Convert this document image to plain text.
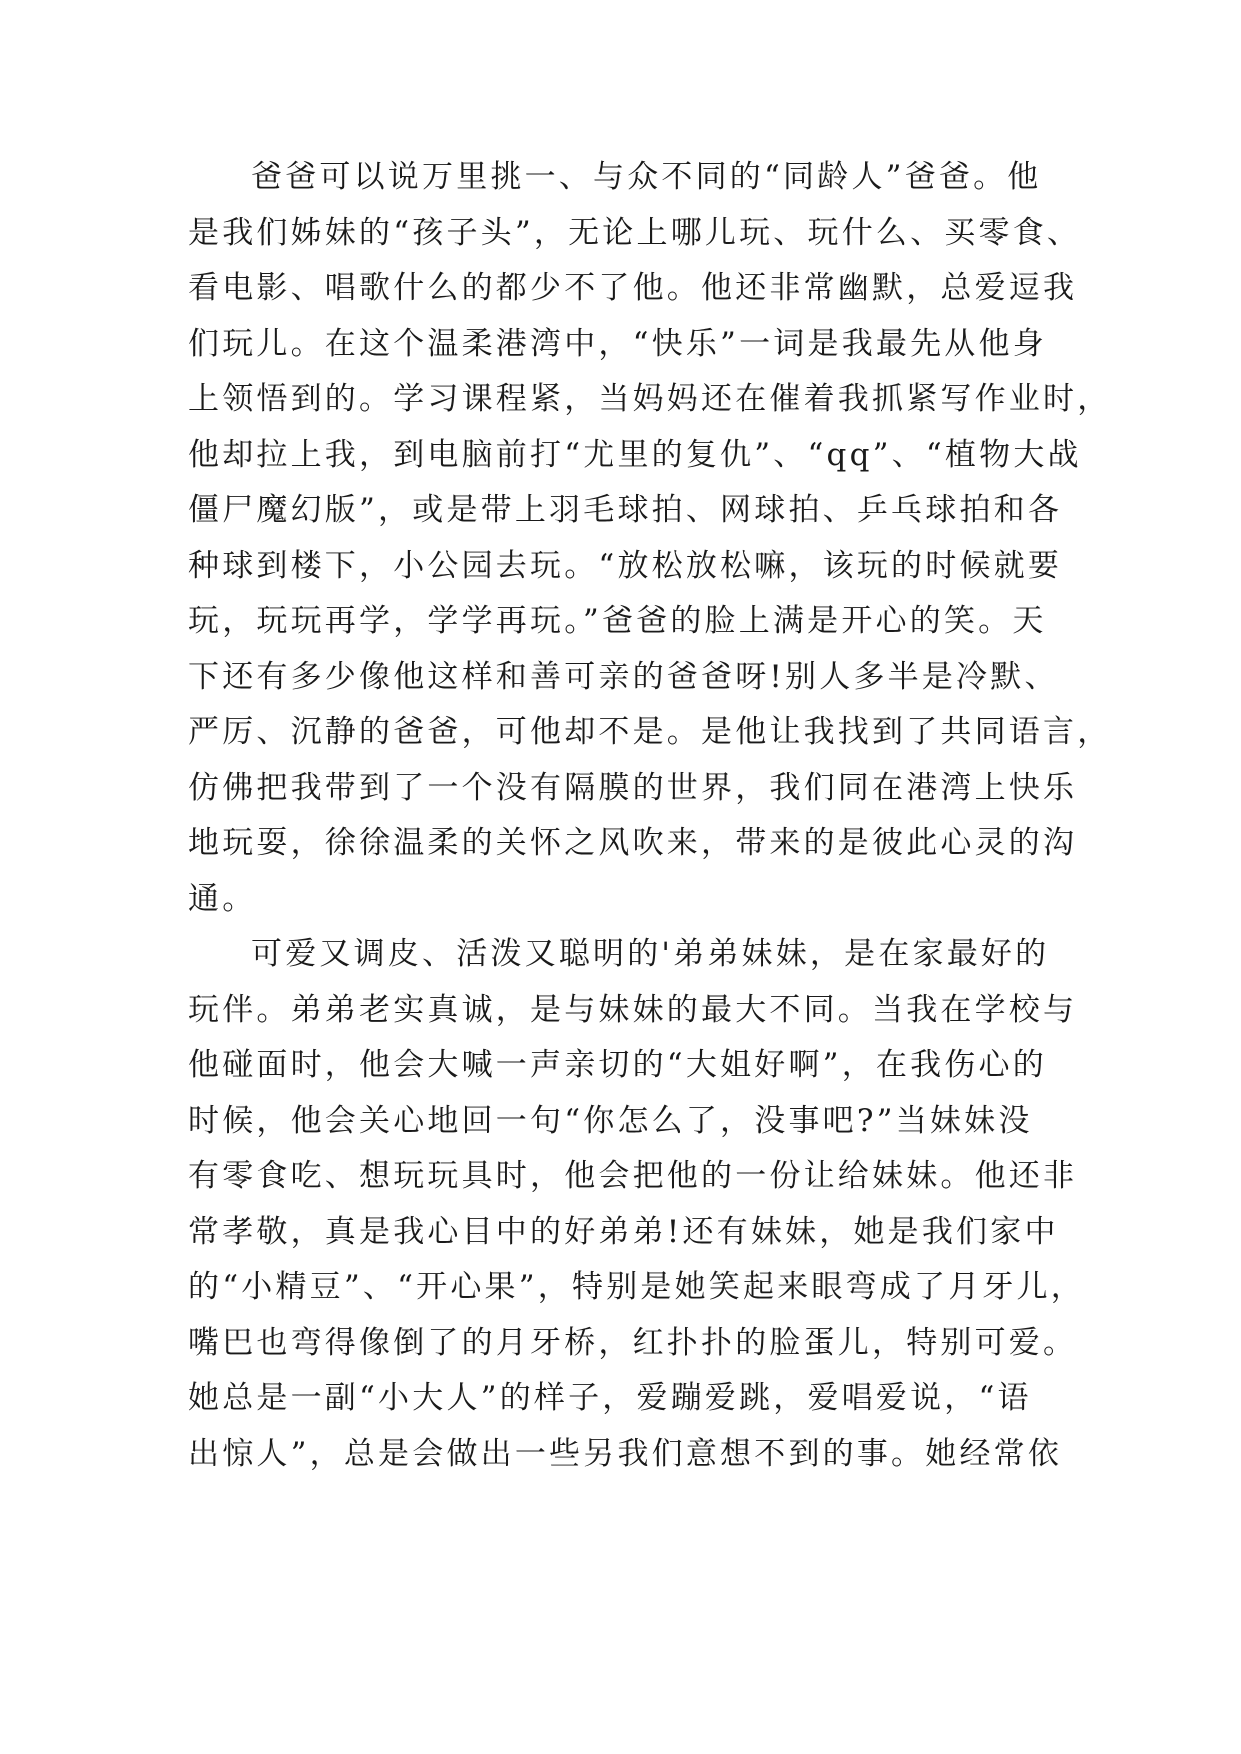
爸爸可以说万里挑一、与众不同的“同龄人”爸爸。他
是我们姊妹的“孩子头”，无论上哪儿玩、玩什么、买零食、
看电影、唱歌什么的都少不了他。他还非常幽默，总爱逗我
们玩儿。在这个温柔港湾中，“快乐”一词是我最先从他身
上领悟到的。学习课程紧，当妈妈还在催着我抓紧写作业时，
他却拉上我，到电脑前打“尤里的复仇”、“qq”、“植物大战
僵尸魔幻版”，或是带上羽毛球拍、网球拍、乒乓球拍和各
种球到楼下，小公园去玩。“放松放松嘛，该玩的时候就要
玩，玩玩再学，学学再玩。”爸爸的脸上满是开心的笑。天
下还有多少像他这样和善可亲的爸爸呀!别人多半是冷默、
严厉、沉静的爸爸，可他却不是。是他让我找到了共同语言，
仿佛把我带到了一个没有隔膜的世界，我们同在港湾上快乐
地玩耍，徐徐温柔的关怀之风吹来，带来的是彼此心灵的沟
通。
可爱又调皮、活泼又聪明的'弟弟妹妹，是在家最好的
玩伴。弟弟老实真诚，是与妹妹的最大不同。当我在学校与
他碰面时，他会大喊一声亲切的“大姐好啊”，在我伤心的
时候，他会关心地回一句“你怎么了，没事吧?”当妹妹没
有零食吃、想玩玩具时，他会把他的一份让给妹妹。他还非
常孝敬，真是我心目中的好弟弟!还有妹妹，她是我们家中
的“小精豆”、“开心果”，特别是她笑起来眼弯成了月牙儿，
嘴巴也弯得像倒了的月牙桥，红扑扑的脸蛋儿，特别可爱。
她总是一副“小大人”的样子，爱蹦爱跳，爱唱爱说，“语
出惊人”，总是会做出一些另我们意想不到的事。她经常依
